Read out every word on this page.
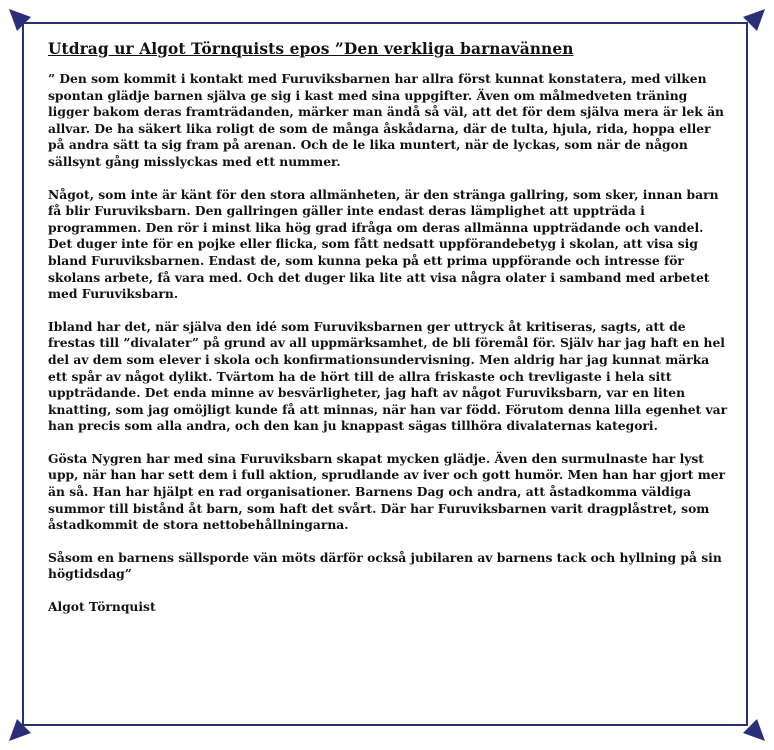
Utdrag ur Algot Törnquists epos ”Den verkliga barnavännen

” Den som kommit i kontakt med Furuviksbarnen har allra först kunnat konstatera, med vilken spontan glädje barnen själva ge sig i kast med sina uppgifter. Även om målmedveten träning ligger bakom deras framträdanden, märker man ändå så väl, att det för dem själva mera är lek än allvar. De ha säkert lika roligt de som de många åskådarna, där de tulta, hjula, rida, hoppa eller på andra sätt ta sig fram på arenan. Och de le lika muntert, när de lyckas, som när de någon sällsynt gång misslyckas med ett nummer.

Något, som inte är känt för den stora allmänheten, är den stränga gallring, som sker, innan barn få blir Furuviksbarn. Den gallringen gäller inte endast deras lämplighet att uppträda i programmen. Den rör i minst lika hög grad ifråga om deras allmänna uppträdande och vandel. Det duger inte för en pojke eller flicka, som fått nedsatt uppförandebetyg i skolan, att visa sig bland Furuviksbarnen. Endast de, som kunna peka på ett prima uppförande och intresse för skolans arbete, få vara med. Och det duger lika lite att visa några olater i samband med arbetet med Furuviksbarn.

Ibland har det, när själva den idé som Furuviksbarnen ger uttryck åt kritiseras, sagts, att de frestas till ”divalater” på grund av all uppmärksamhet, de bli föremål för. Själv har jag haft en hel del av dem som elever i skola och konfirmationsundervisning. Men aldrig har jag kunnat märka ett spår av något dylikt. Tvärtom ha de hört till de allra friskaste och trevligaste i hela sitt uppträdande. Det enda minne av besvärligheter, jag haft av något Furuviksbarn, var en liten knatting, som jag omöjligt kunde få att minnas, när han var född. Förutom denna lilla egenhet var han precis som alla andra, och den kan ju knappast sägas tillhöra divalaternas kategori.

Gösta Nygren har med sina Furuviksbarn skapat mycken glädje. Även den surmulnaste har lyst upp, när han har sett dem i full aktion, sprudlande av iver och gott humör. Men han har gjort mer än så. Han har hjälpt en rad organisationer. Barnens Dag och andra, att åstadkomma väldiga summor till bistånd åt barn, som haft det svårt. Där har Furuviksbarnen varit dragplåstret, som åstadkommit de stora nettobehållningarna.

Såsom en barnens sällsporde vän möts därför också jubilaren av barnens tack och hyllning på sin högtidsdag”

Algot Törnquist
